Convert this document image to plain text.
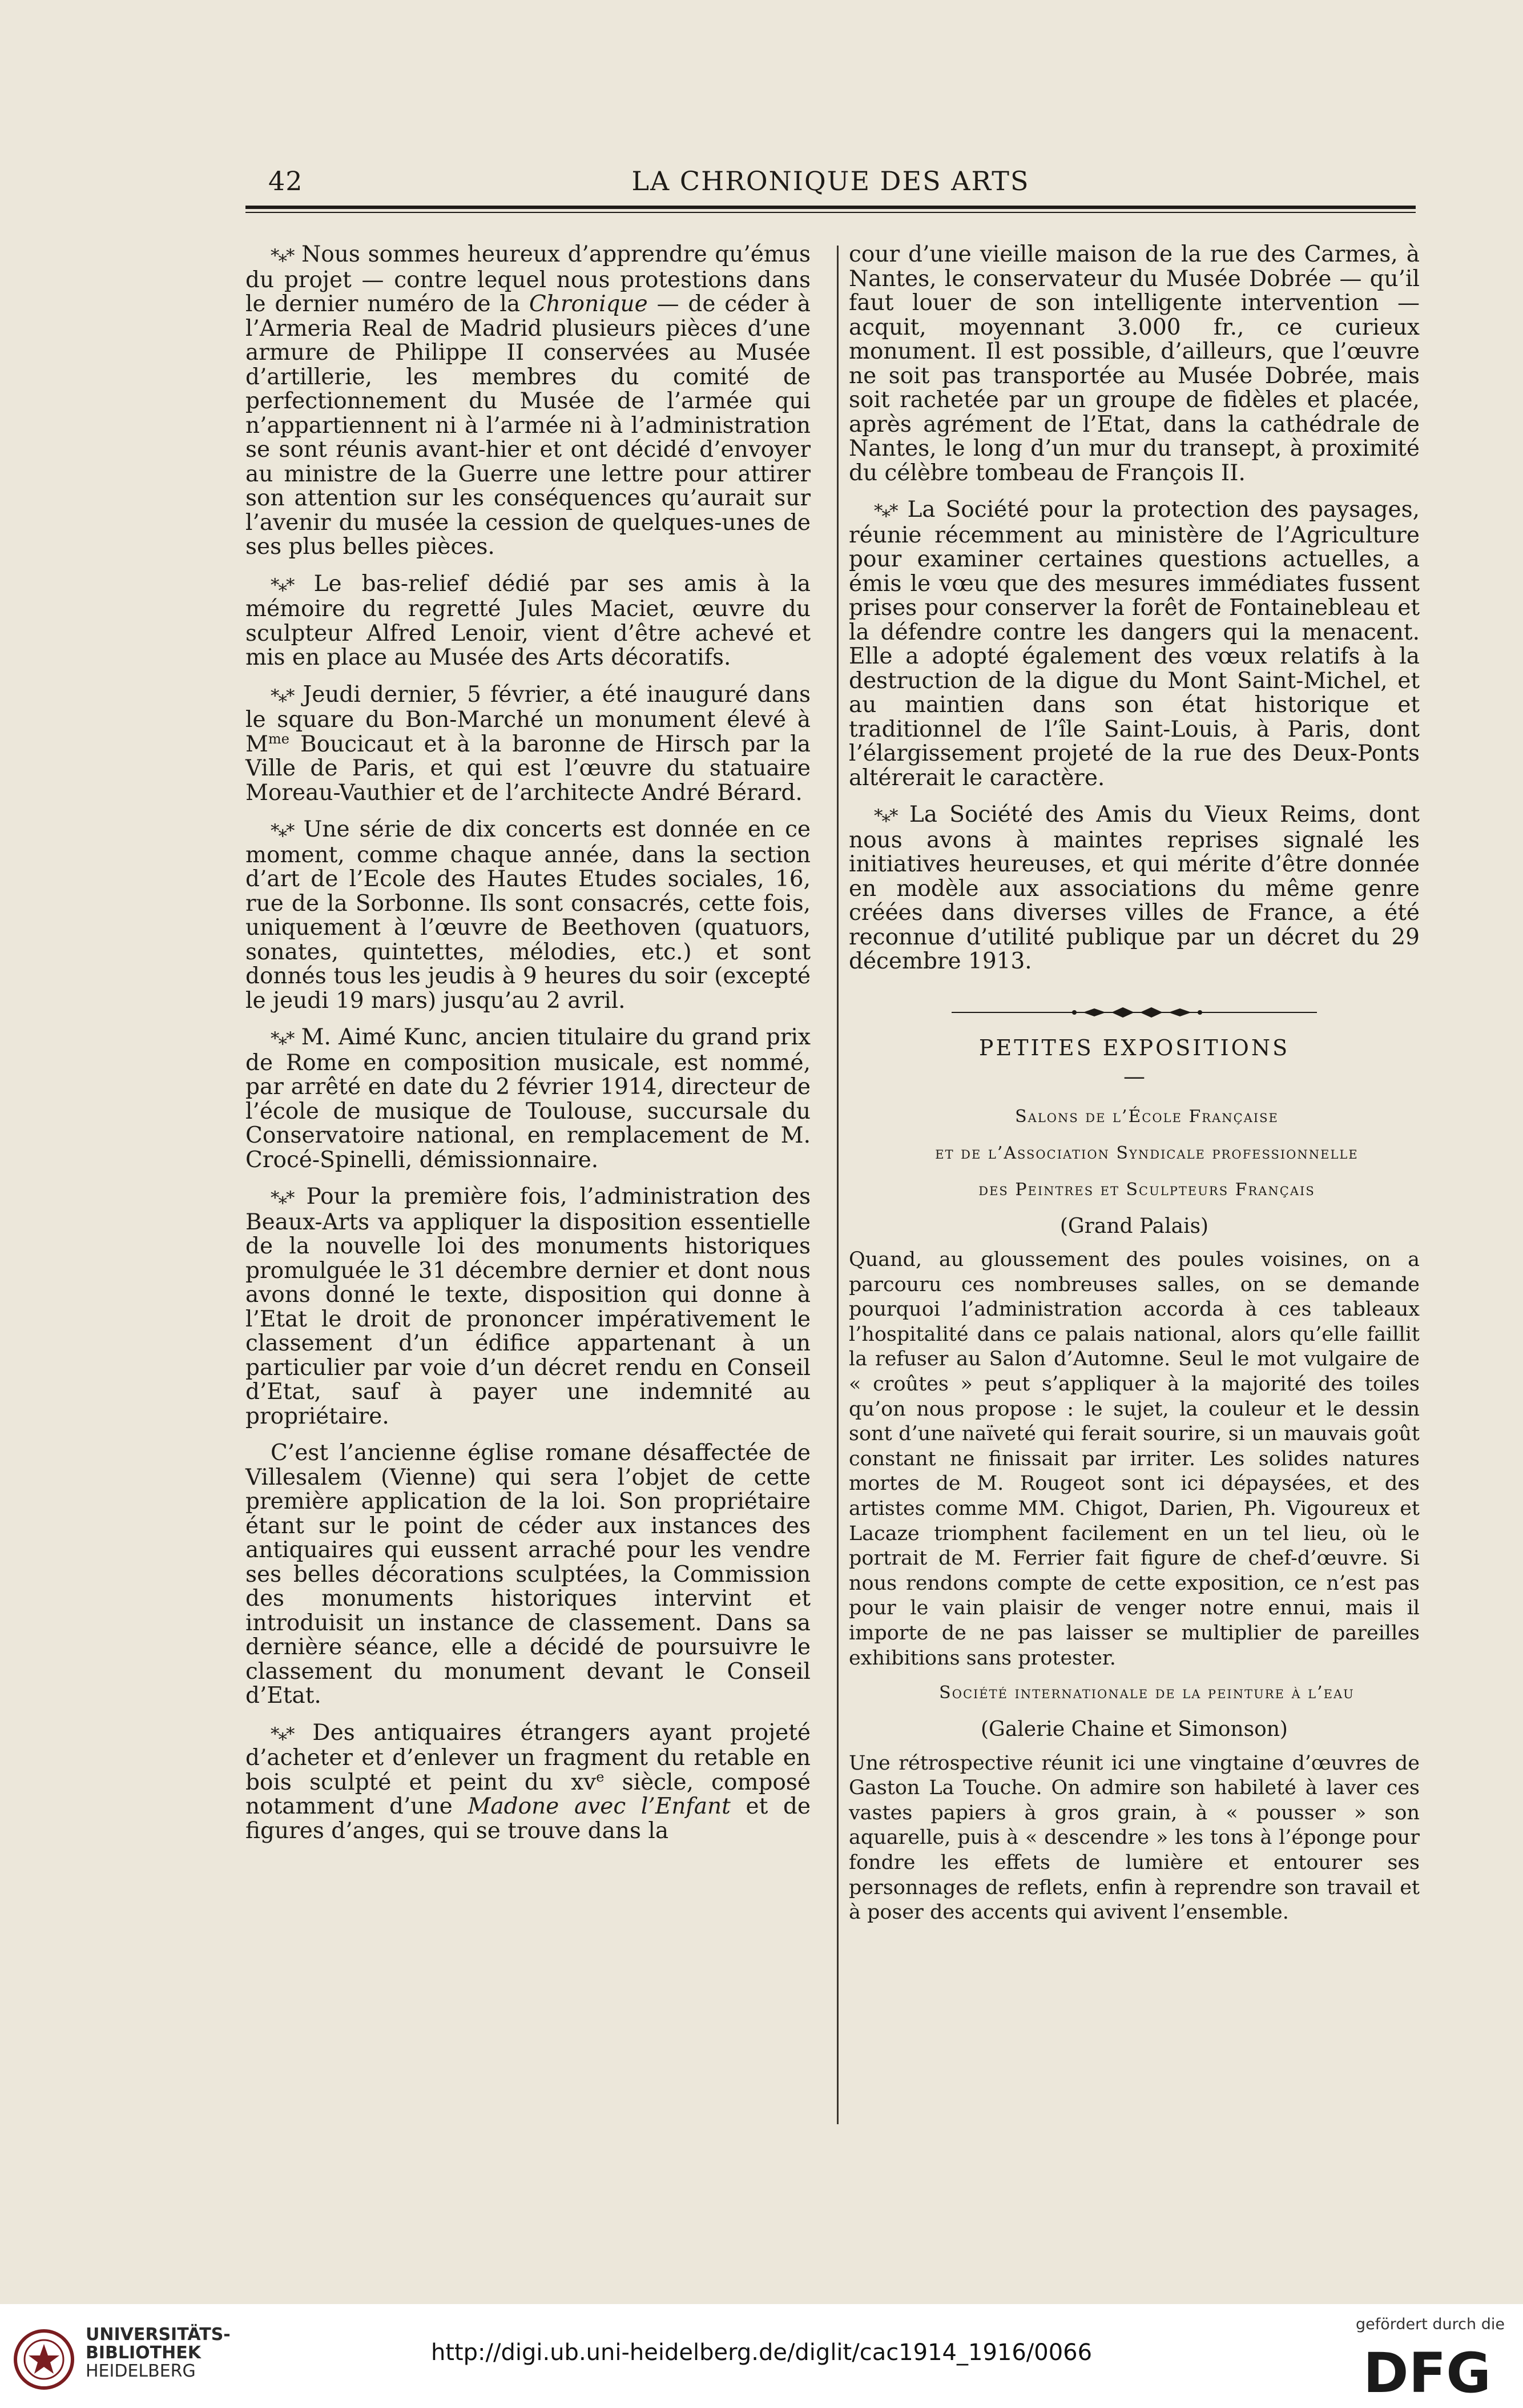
42	LA CHRONIQUE DES ARTS

*⁎* Nous sommes heureux d’apprendre qu’émus du projet — contre lequel nous protestions dans le dernier numéro de la Chronique — de céder à l’Armeria Real de Madrid plusieurs pièces d’une armure de Philippe II conservées au Musée d’artillerie, les membres du comité de perfectionnement du Musée de l’armée qui n’appartiennent ni à l’armée ni à l’administration se sont réunis avant-hier et ont décidé d’envoyer au ministre de la Guerre une lettre pour attirer son attention sur les conséquences qu’aurait sur l’avenir du musée la cession de quelques-unes de ses plus belles pièces.

*⁎* Le bas-relief dédié par ses amis à la mémoire du regretté Jules Maciet, œuvre du sculpteur Alfred Lenoir, vient d’être achevé et mis en place au Musée des Arts décoratifs.

*⁎* Jeudi dernier, 5 février, a été inauguré dans le square du Bon-Marché un monument élevé à $M^{me}$ Boucicaut et à la baronne de Hirsch par la Ville de Paris, et qui est l’œuvre du statuaire Moreau-Vauthier et de l’architecte André Bérard.

*⁎* Une série de dix concerts est donnée en ce moment, comme chaque année, dans la section d’art de l’Ecole des Hautes Etudes sociales, 16, rue de la Sorbonne. Ils sont consacrés, cette fois, uniquement à l’œuvre de Beethoven (quatuors, sonates, quintettes, mélodies, etc.) et sont donnés tous les jeudis à 9 heures du soir (excepté le jeudi 19 mars) jusqu’au 2 avril.

*⁎* M. Aimé Kunc, ancien titulaire du grand prix de Rome en composition musicale, est nommé, par arrêté en date du 2 février 1914, directeur de l’école de musique de Toulouse, succursale du Conservatoire national, en remplacement de M. Crocé-Spinelli, démissionnaire.

*⁎* Pour la première fois, l’administration des Beaux-Arts va appliquer la disposition essentielle de la nouvelle loi des monuments historiques promulguée le 31 décembre dernier et dont nous avons donné le texte, disposition qui donne à l’Etat le droit de prononcer impérativement le classement d’un édifice appartenant à un particulier par voie d’un décret rendu en Conseil d’Etat, sauf à payer une indemnité au propriétaire.

C’est l’ancienne église romane désaffectée de Villesalem (Vienne) qui sera l’objet de cette première application de la loi. Son propriétaire étant sur le point de céder aux instances des antiquaires qui eussent arraché pour les vendre ses belles décorations sculptées, la Commission des monuments historiques intervint et introduisit un instance de classement. Dans sa dernière séance, elle a décidé de poursuivre le classement du monument devant le Conseil d’Etat.

*⁎* Des antiquaires étrangers ayant projeté d’acheter et d’enlever un fragment du retable en bois sculpté et peint du $xv^e$ siècle, composé notamment d’une Madone avec l’Enfant et de figures d’anges, qui se trouve dans la

cour d’une vieille maison de la rue des Carmes, à Nantes, le conservateur du Musée Dobrée — qu’il faut louer de son intelligente intervention — acquit, moyennant 3.000 fr., ce curieux monument. Il est possible, d’ailleurs, que l’œuvre ne soit pas transportée au Musée Dobrée, mais soit rachetée par un groupe de fidèles et placée, après agrément de l’Etat, dans la cathédrale de Nantes, le long d’un mur du transept, à proximité du célèbre tombeau de François II.

*⁎* La Société pour la protection des paysages, réunie récemment au ministère de l’Agriculture pour examiner certaines questions actuelles, a émis le vœu que des mesures immédiates fussent prises pour conserver la forêt de Fontainebleau et la défendre contre les dangers qui la menacent. Elle a adopté également des vœux relatifs à la destruction de la digue du Mont Saint-Michel, et au maintien dans son état historique et traditionnel de l’île Saint-Louis, à Paris, dont l’élargissement projeté de la rue des Deux-Ponts altérerait le caractère.

*⁎* La Société des Amis du Vieux Reims, dont nous avons à maintes reprises signalé les initiatives heureuses, et qui mérite d’être donnée en modèle aux associations du même genre créées dans diverses villes de France, a été reconnue d’utilité publique par un décret du 29 décembre 1913.

PETITES EXPOSITIONS
—

Salons de l’École Française

et de l’Association Syndicale professionnelle

des Peintres et Sculpteurs Français

(Grand Palais)

Quand, au gloussement des poules voisines, on a parcouru ces nombreuses salles, on se demande pourquoi l’administration accorda à ces tableaux l’hospitalité dans ce palais national, alors qu’elle faillit la refuser au Salon d’Automne. Seul le mot vulgaire de « croûtes » peut s’appliquer à la majorité des toiles qu’on nous propose : le sujet, la couleur et le dessin sont d’une naïveté qui ferait sourire, si un mauvais goût constant ne finissait par irriter. Les solides natures mortes de M. Rougeot sont ici dépaysées, et des artistes comme MM. Chigot, Darien, Ph. Vigoureux et Lacaze triomphent facilement en un tel lieu, où le portrait de M. Ferrier fait figure de chef-d’œuvre. Si nous rendons compte de cette exposition, ce n’est pas pour le vain plaisir de venger notre ennui, mais il importe de ne pas laisser se multiplier de pareilles exhibitions sans protester.

Société internationale de la peinture à l’eau

(Galerie Chaine et Simonson)

Une rétrospective réunit ici une vingtaine d’œuvres de Gaston La Touche. On admire son habileté à laver ces vastes papiers à gros grain, à « pousser » son aquarelle, puis à « descendre » les tons à l’éponge pour fondre les effets de lumière et entourer ses personnages de reflets, enfin à reprendre son travail et à poser des accents qui avivent l’ensemble.

UNIVERSITÄTS-
BIBLIOTHEK
HEIDELBERG
http://digi.ub.uni-heidelberg.de/diglit/cac1914_1916/0066
gefördert durch die
DFG
